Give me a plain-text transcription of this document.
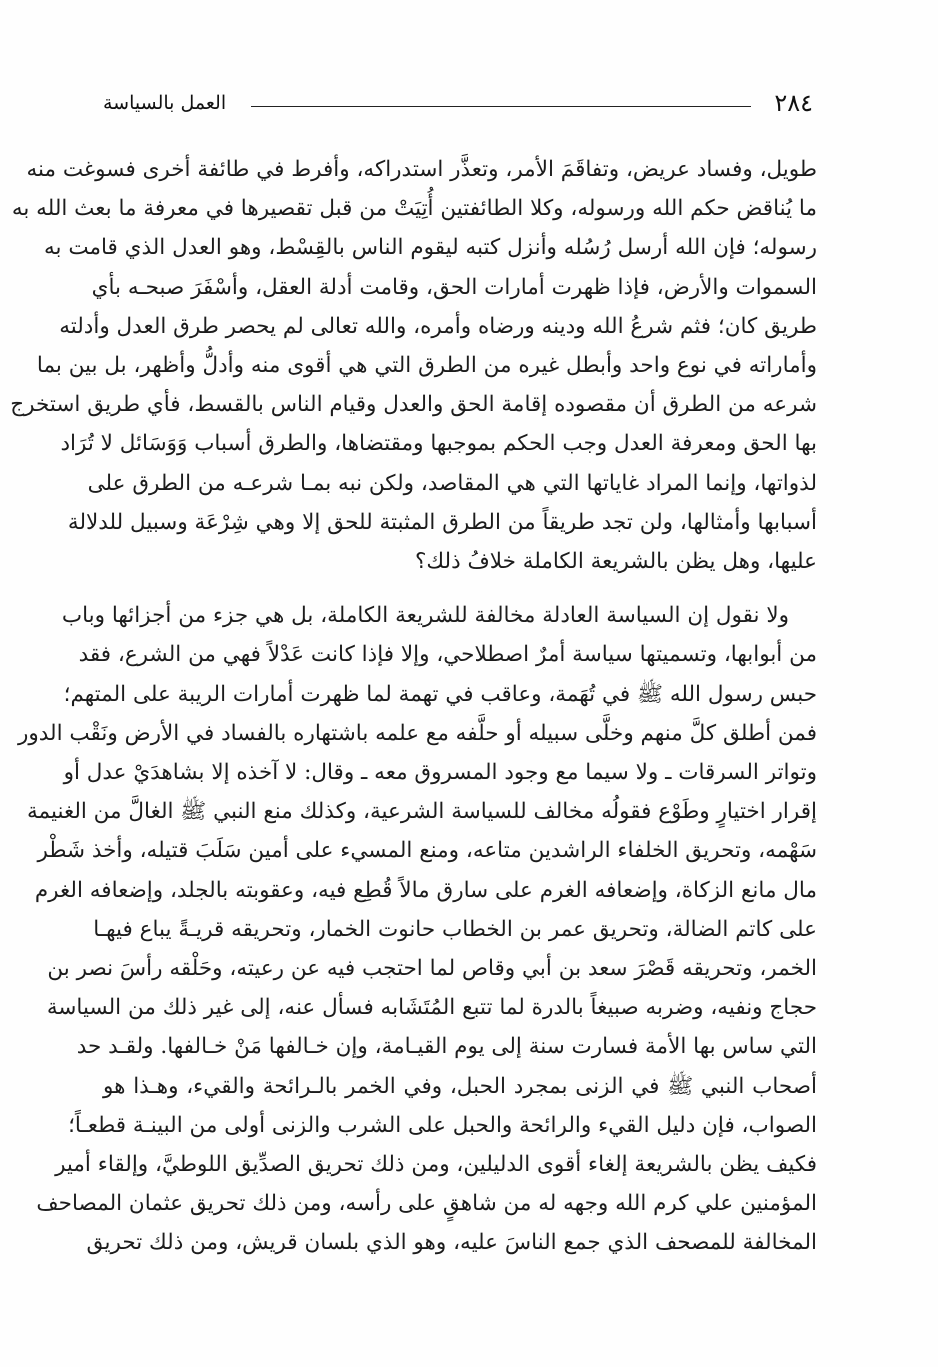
٢٨٤
العمل بالسياسة

طويل، وفساد عريض، وتفاقَمَ الأمر، وتعذَّر استدراكه، وأفرط في طائفة أخرى فسوغت منه

ما يُناقض حكم الله ورسوله، وكلا الطائفتين أُتِيَتْ من قبل تقصيرها في معرفة ما بعث الله به

رسوله؛ فإن الله أرسل رُسُله وأنزل كتبه ليقوم الناس بالقِسْط، وهو العدل الذي قامت به

السموات والأرض، فإذا ظهرت أمارات الحق، وقامت أدلة العقل، وأسْفَرَ صبحـه بأي

طريق كان؛ فثم شرعُ الله ودينه ورضاه وأمره، والله تعالى لم يحصر طرق العدل وأدلته

وأماراته في نوع واحد وأبطل غيره من الطرق التي هي أقوى منه وأدلُّ وأظهر، بل بين بما

شرعه من الطرق أن مقصوده إقامة الحق والعدل وقيام الناس بالقسط، فأي طريق استخرج

بها الحق ومعرفة العدل وجب الحكم بموجبها ومقتضاها، والطرق أسباب وَوَسَائل لا تُرَاد

لذواتها، وإنما المراد غاياتها التي هي المقاصد، ولكن نبه بمـا شرعـه من الطرق على

أسبابها وأمثالها، ولن تجد طريقاً من الطرق المثبتة للحق إلا وهي شِرْعَة وسبيل للدلالة

عليها، وهل يظن بالشريعة الكاملة خلافُ ذلك؟

ولا نقول إن السياسة العادلة مخالفة للشريعة الكاملة، بل هي جزء من أجزائها وباب

من أبوابها، وتسميتها سياسة أمرٌ اصطلاحي، وإلا فإذا كانت عَدْلاً فهي من الشرع، فقد

حبس رسول الله ﷺ في تُهَمة، وعاقب في تهمة لما ظهرت أمارات الريبة على المتهم؛

فمن أطلق كلَّ منهم وخلَّى سبيله أو حلَّفه مع علمه باشتهاره بالفساد في الأرض ونَقْب الدور

وتواتر السرقات ـ ولا سيما مع وجود المسروق معه ـ وقال: لا آخذه إلا بشاهدَيْ عدل أو

إقرار اختيارٍ وطَوْع فقولُه مخالف للسياسة الشرعية، وكذلك منع النبي ﷺ الغالَّ من الغنيمة

سَهْمه، وتحريق الخلفاء الراشدين متاعه، ومنع المسيء على أمين سَلَبَ قتيله، وأخذ شَطْر

مال مانع الزكاة، وإضعافه الغرم على سارق مالاً قُطِع فيه، وعقوبته بالجلد، وإضعافه الغرم

على كاتم الضالة، وتحريق عمر بن الخطاب حانوت الخمار، وتحريقه قريـةً يباع فيهـا

الخمر، وتحريقه قَصْرَ سعد بن أبي وقاص لما احتجب فيه عن رعيته، وحَلْقه رأسَ نصر بن

حجاج ونفيه، وضربه صبيغاً بالدرة لما تتبع المُتَشَابه فسأل عنه، إلى غير ذلك من السياسة

التي ساس بها الأمة فسارت سنة إلى يوم القيـامة، وإن خـالفها مَنْ خـالفها. ولقـد حد

أصحاب النبي ﷺ في الزنى بمجرد الحبل، وفي الخمر بالـرائحة والقيء، وهـذا هو

الصواب، فإن دليل القيء والرائحة والحبل على الشرب والزنى أولى من البينـة قطعـاً؛

فكيف يظن بالشريعة إلغاء أقوى الدليلين، ومن ذلك تحريق الصدِّيق اللوطيَّ، وإلقاء أمير

المؤمنين علي كرم الله وجهه له من شاهقٍ على رأسه، ومن ذلك تحريق عثمان المصاحف

المخالفة للمصحف الذي جمع الناسَ عليه، وهو الذي بلسان قريش، ومن ذلك تحريق
